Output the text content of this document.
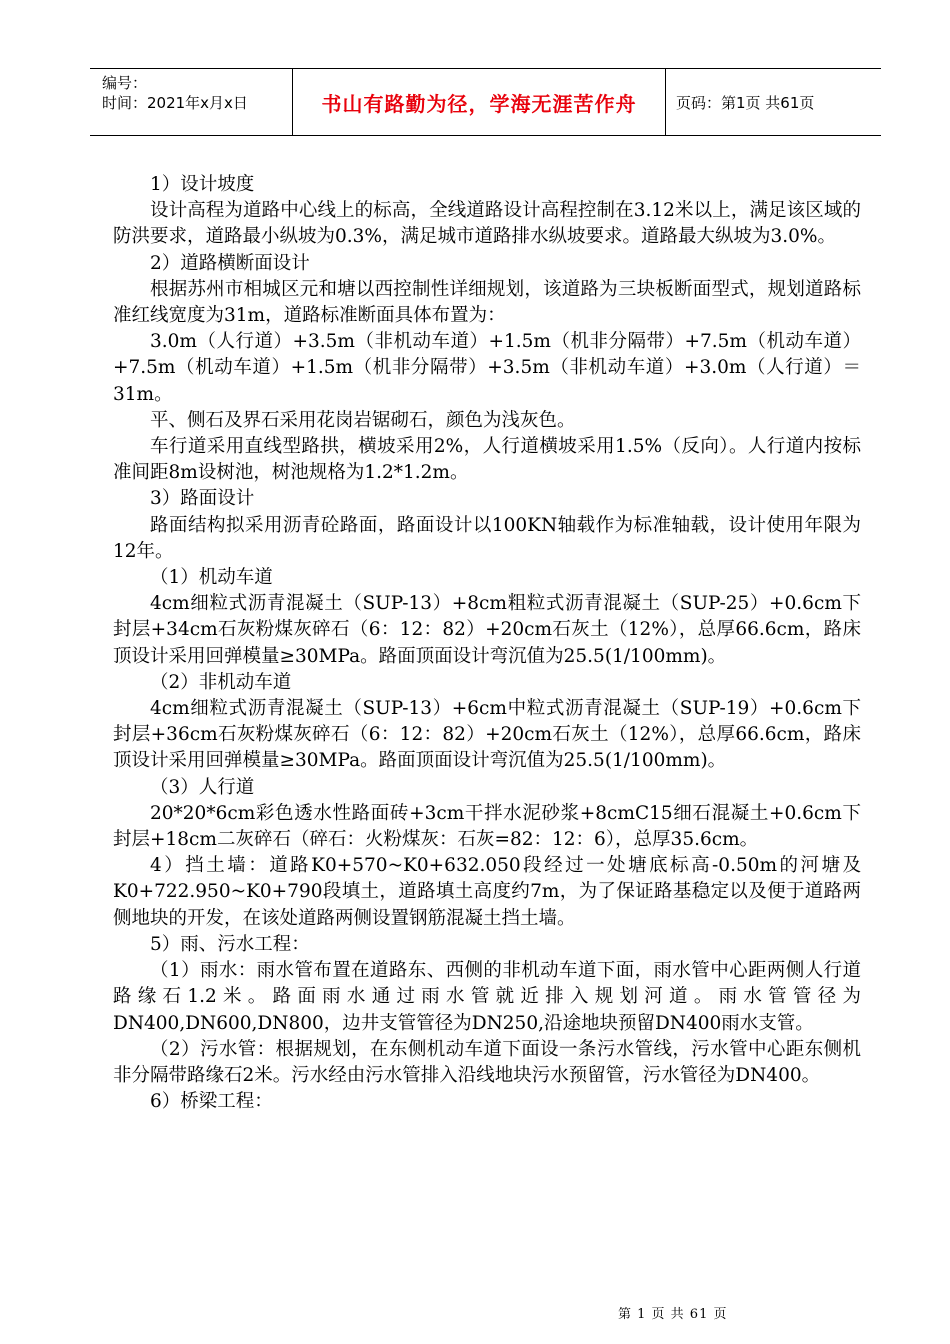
编号：
时间：2021年x月x日	书山有路勤为径，学海无涯苦作舟	页码：第1页 共61页

1）设计坡度

设计高程为道路中心线上的标高，全线道路设计高程控制在3.12米以上，满足该区域的防洪要求，道路最小纵坡为0.3%，满足城市道路排水纵坡要求。道路最大纵坡为3.0%。

2）道路横断面设计

根据苏州市相城区元和塘以西控制性详细规划，该道路为三块板断面型式，规划道路标准红线宽度为31m，道路标准断面具体布置为：

3.0m（人行道）+3.5m（非机动车道）+1.5m（机非分隔带）+7.5m（机动车道）+7.5m（机动车道）+1.5m（机非分隔带）+3.5m（非机动车道）+3.0m（人行道）＝31m。

平、侧石及界石采用花岗岩锯砌石，颜色为浅灰色。

车行道采用直线型路拱，横坡采用2%，人行道横坡采用1.5%（反向）。人行道内按标准间距8m设树池，树池规格为1.2*1.2m。

3）路面设计

路面结构拟采用沥青砼路面，路面设计以100KN轴载作为标准轴载，设计使用年限为12年。

（1）机动车道

4cm细粒式沥青混凝土（SUP-13）+8cm粗粒式沥青混凝土（SUP-25）+0.6cm下封层+34cm石灰粉煤灰碎石（6：12：82）+20cm石灰土（12%），总厚66.6cm，路床顶设计采用回弹模量≥30MPa。路面顶面设计弯沉值为25.5(1/100mm)。

（2）非机动车道

4cm细粒式沥青混凝土（SUP-13）+6cm中粒式沥青混凝土（SUP-19）+0.6cm下封层+36cm石灰粉煤灰碎石（6：12：82）+20cm石灰土（12%），总厚66.6cm，路床顶设计采用回弹模量≥30MPa。路面顶面设计弯沉值为25.5(1/100mm)。

（3）人行道

20*20*6cm彩色透水性路面砖+3cm干拌水泥砂浆+8cmC15细石混凝土+0.6cm下封层+18cm二灰碎石（碎石：火粉煤灰：石灰=82：12：6），总厚35.6cm。

4）挡土墙：道路K0+570~K0+632.050段经过一处塘底标高-0.50m的河塘及K0+722.950~K0+790段填土，道路填土高度约7m，为了保证路基稳定以及便于道路两侧地块的开发，在该处道路两侧设置钢筋混凝土挡土墙。

5）雨、污水工程：

（1）雨水：雨水管布置在道路东、西侧的非机动车道下面，雨水管中心距两侧人行道路缘石1.2米。路面雨水通过雨水管就近排入规划河道。雨水管管径为DN400,DN600,DN800，边井支管管径为DN250,沿途地块预留DN400雨水支管。

（2）污水管：根据规划，在东侧机动车道下面设一条污水管线，污水管中心距东侧机非分隔带路缘石2米。污水经由污水管排入沿线地块污水预留管，污水管径为DN400。

6）桥梁工程：

第 1 页 共 61 页
